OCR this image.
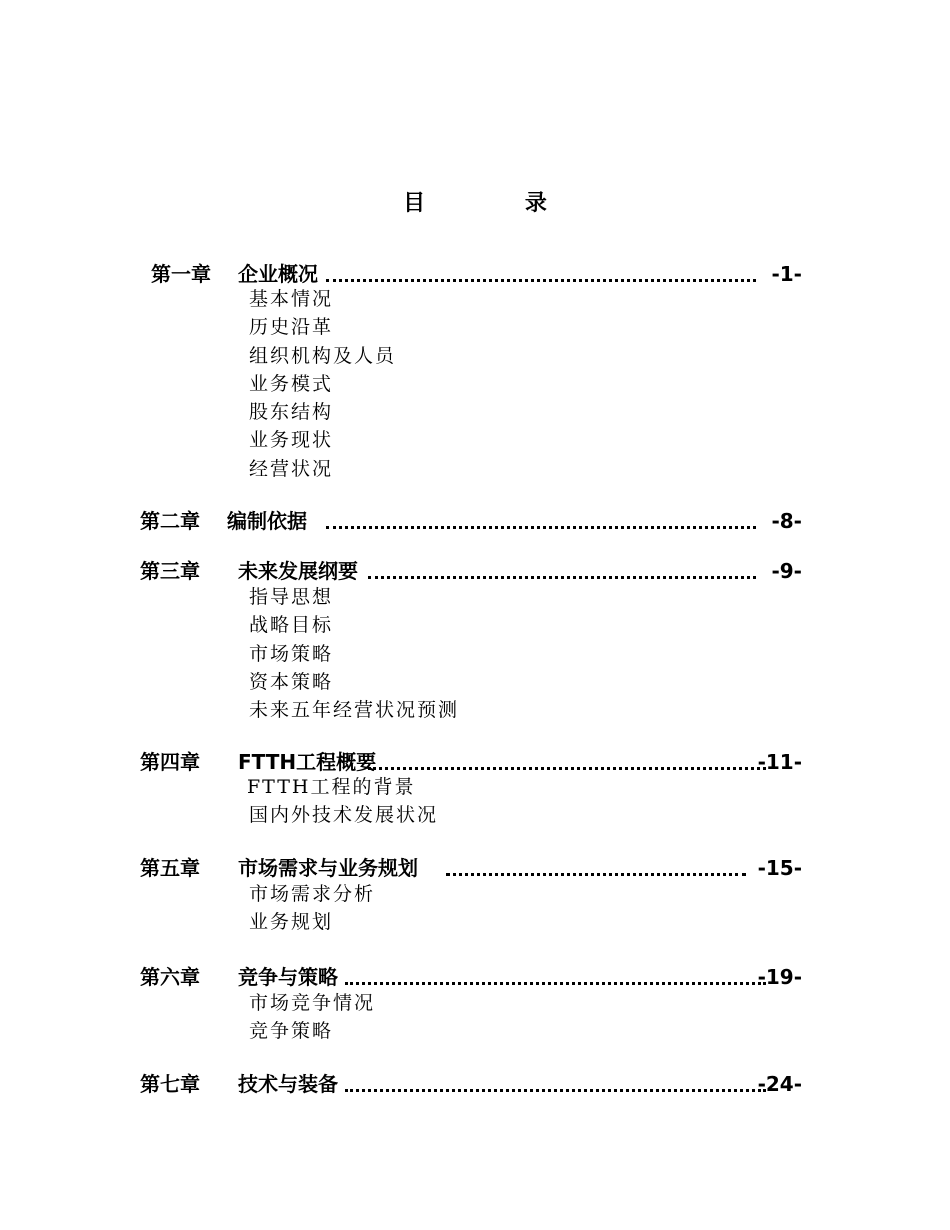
目 录
第一章 企业概况	-1-
基本情况
历史沿革
组织机构及人员
业务模式
股东结构
业务现状
经营状况
第二章 编制依据	-8-
第三章 未来发展纲要	-9-
指导思想
战略目标
市场策略
资本策略
未来五年经营状况预测
第四章 FTTH工程概要	-11-
FTTH工程的背景
国内外技术发展状况
第五章 市场需求与业务规划	-15-
市场需求分析
业务规划
第六章 竞争与策略	-19-
市场竞争情况
竞争策略
第七章 技术与装备	-24-
